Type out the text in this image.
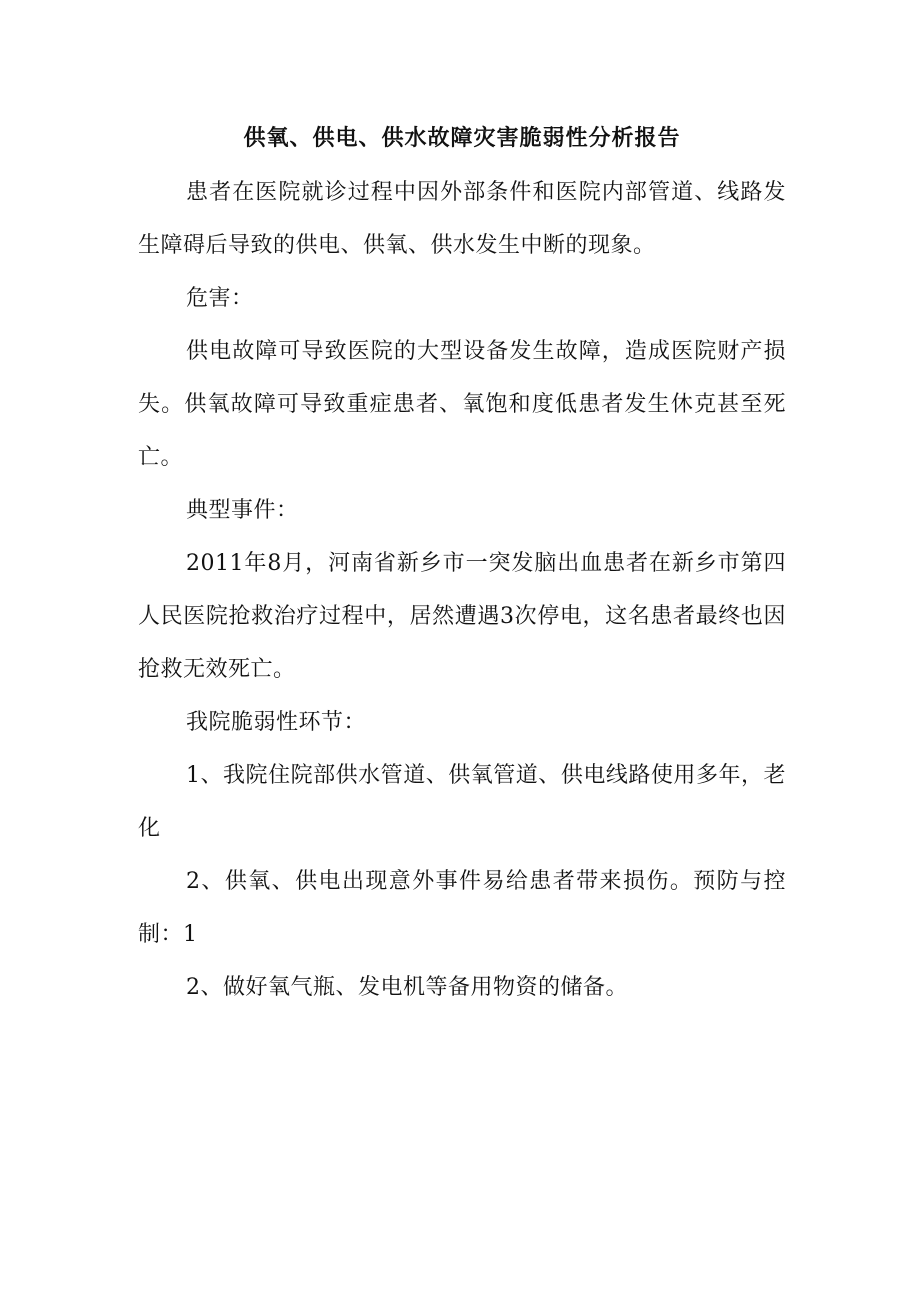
供氧、供电、供水故障灾害脆弱性分析报告

患者在医院就诊过程中因外部条件和医院内部管道、线路发生障碍后导致的供电、供氧、供水发生中断的现象。

危害：

供电故障可导致医院的大型设备发生故障，造成医院财产损失。供氧故障可导致重症患者、氧饱和度低患者发生休克甚至死亡。

典型事件：

2011年8月，河南省新乡市一突发脑出血患者在新乡市第四人民医院抢救治疗过程中，居然遭遇3次停电，这名患者最终也因抢救无效死亡。

我院脆弱性环节：

1、我院住院部供水管道、供氧管道、供电线路使用多年，老化

2、供氧、供电出现意外事件易给患者带来损伤。预防与控制：1

2、做好氧气瓶、发电机等备用物资的储备。
